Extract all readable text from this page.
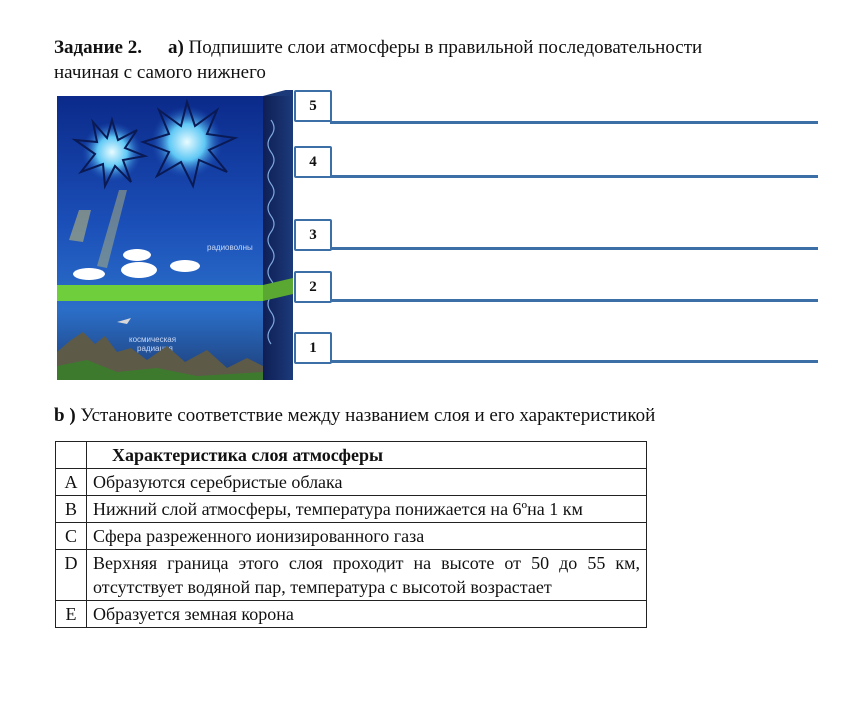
Задание 2. а) Подпишите слои атмосферы в правильной последовательности
начиная с самого нижнего
радиоволны
космическая
радиация
5
4
3
2
1
b ) Установите соответствие между названием слоя и его характеристикой
	Характеристика слоя атмосферы
A	Образуются серебристые облака
B	Нижний слой атмосферы, температура понижается на 6ºна 1 км
C	Сфера разреженного ионизированного газа
D	Верхняя граница этого слоя проходит на высоте от 50 до 55 км, отсутствует водяной пар, температура с высотой возрастает
E	Образуется земная корона
